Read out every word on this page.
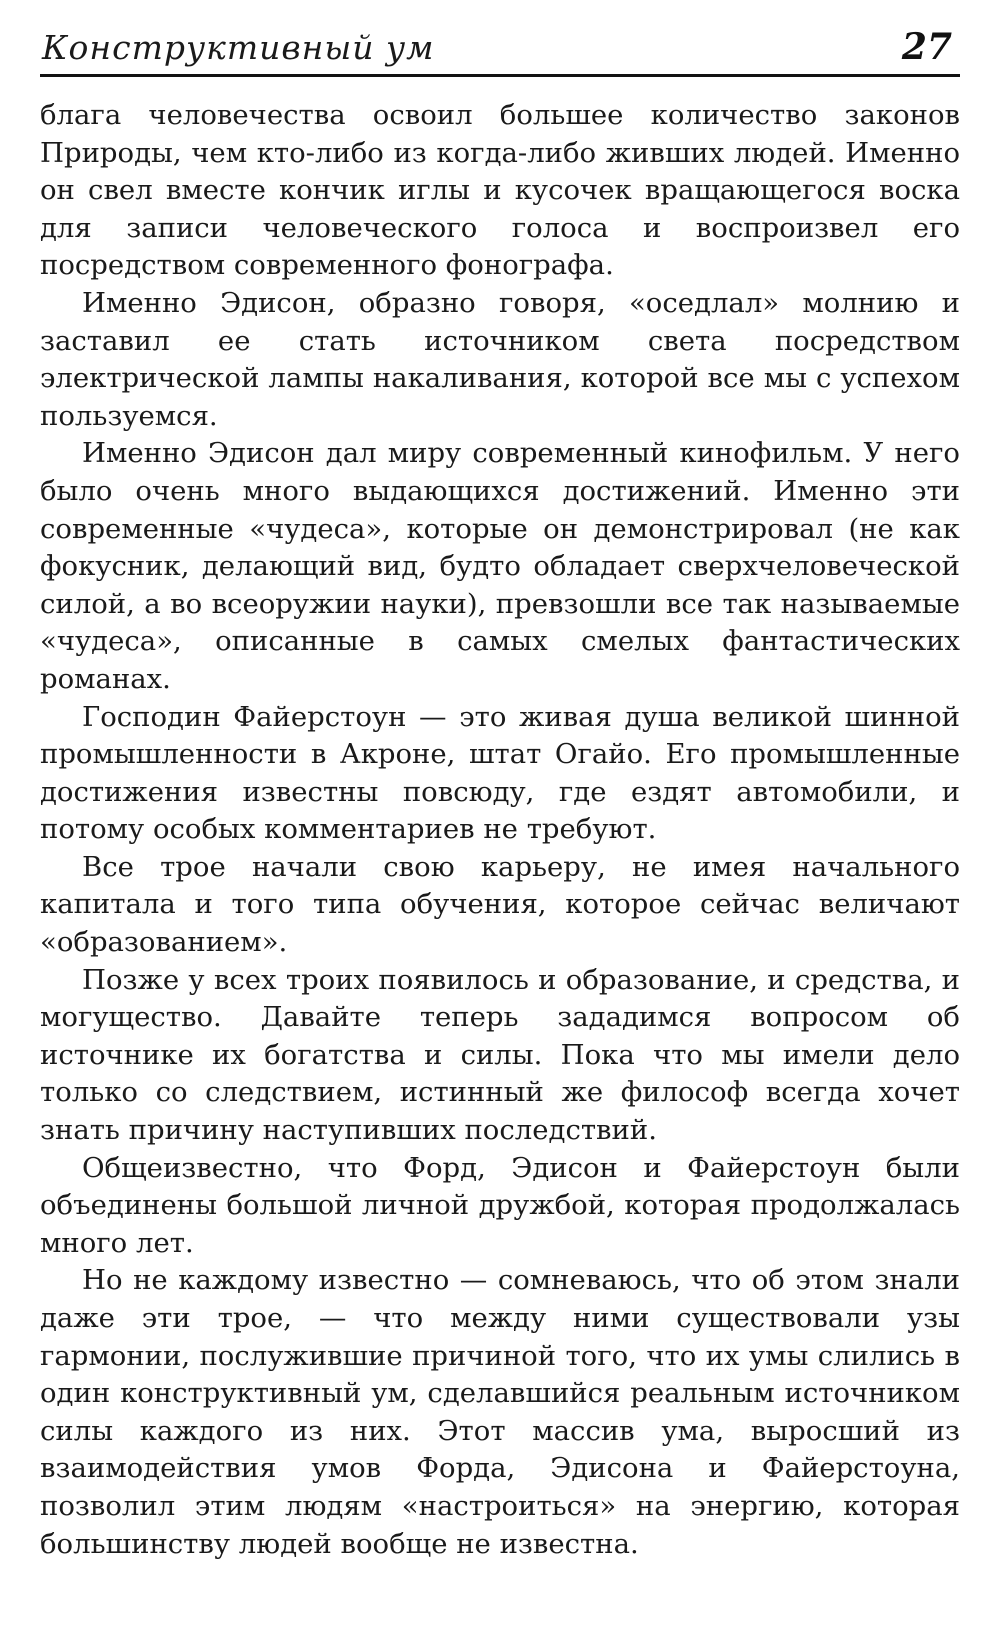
Конструктивный ум	27

блага человечества освоил большее количество законов Природы, чем кто-либо из когда-либо живших людей. Именно он свел вместе кончик иглы и кусочек вращающегося воска для записи человеческого голоса и воспроизвел его посредством современного фонографа.

Именно Эдисон, образно говоря, «оседлал» молнию и заставил ее стать источником света посредством электрической лампы накаливания, которой все мы с успехом пользуемся.

Именно Эдисон дал миру современный кинофильм. У него было очень много выдающихся достижений. Именно эти современные «чудеса», которые он демонстрировал (не как фокусник, делающий вид, будто обладает сверхчеловеческой силой, а во всеоружии науки), превзошли все так называемые «чудеса», описанные в самых смелых фантастических романах.

Господин Файерстоун — это живая душа великой шинной промышленности в Акроне, штат Огайо. Его промышленные достижения известны повсюду, где ездят автомобили, и потому особых комментариев не требуют.

Все трое начали свою карьеру, не имея начального капитала и того типа обучения, которое сейчас величают «образованием».

Позже у всех троих появилось и образование, и средства, и могущество. Давайте теперь зададимся вопросом об источнике их богатства и силы. Пока что мы имели дело только со следствием, истинный же философ всегда хочет знать причину наступивших последствий.

Общеизвестно, что Форд, Эдисон и Файерстоун были объединены большой личной дружбой, которая продолжалась много лет.

Но не каждому известно — сомневаюсь, что об этом знали даже эти трое, — что между ними существовали узы гармонии, послужившие причиной того, что их умы слились в один конструктивный ум, сделавшийся реальным источником силы каждого из них. Этот массив ума, выросший из взаимодействия умов Форда, Эдисона и Файерстоуна, позволил этим людям «настроиться» на энергию, которая большинству людей вообще не известна.
